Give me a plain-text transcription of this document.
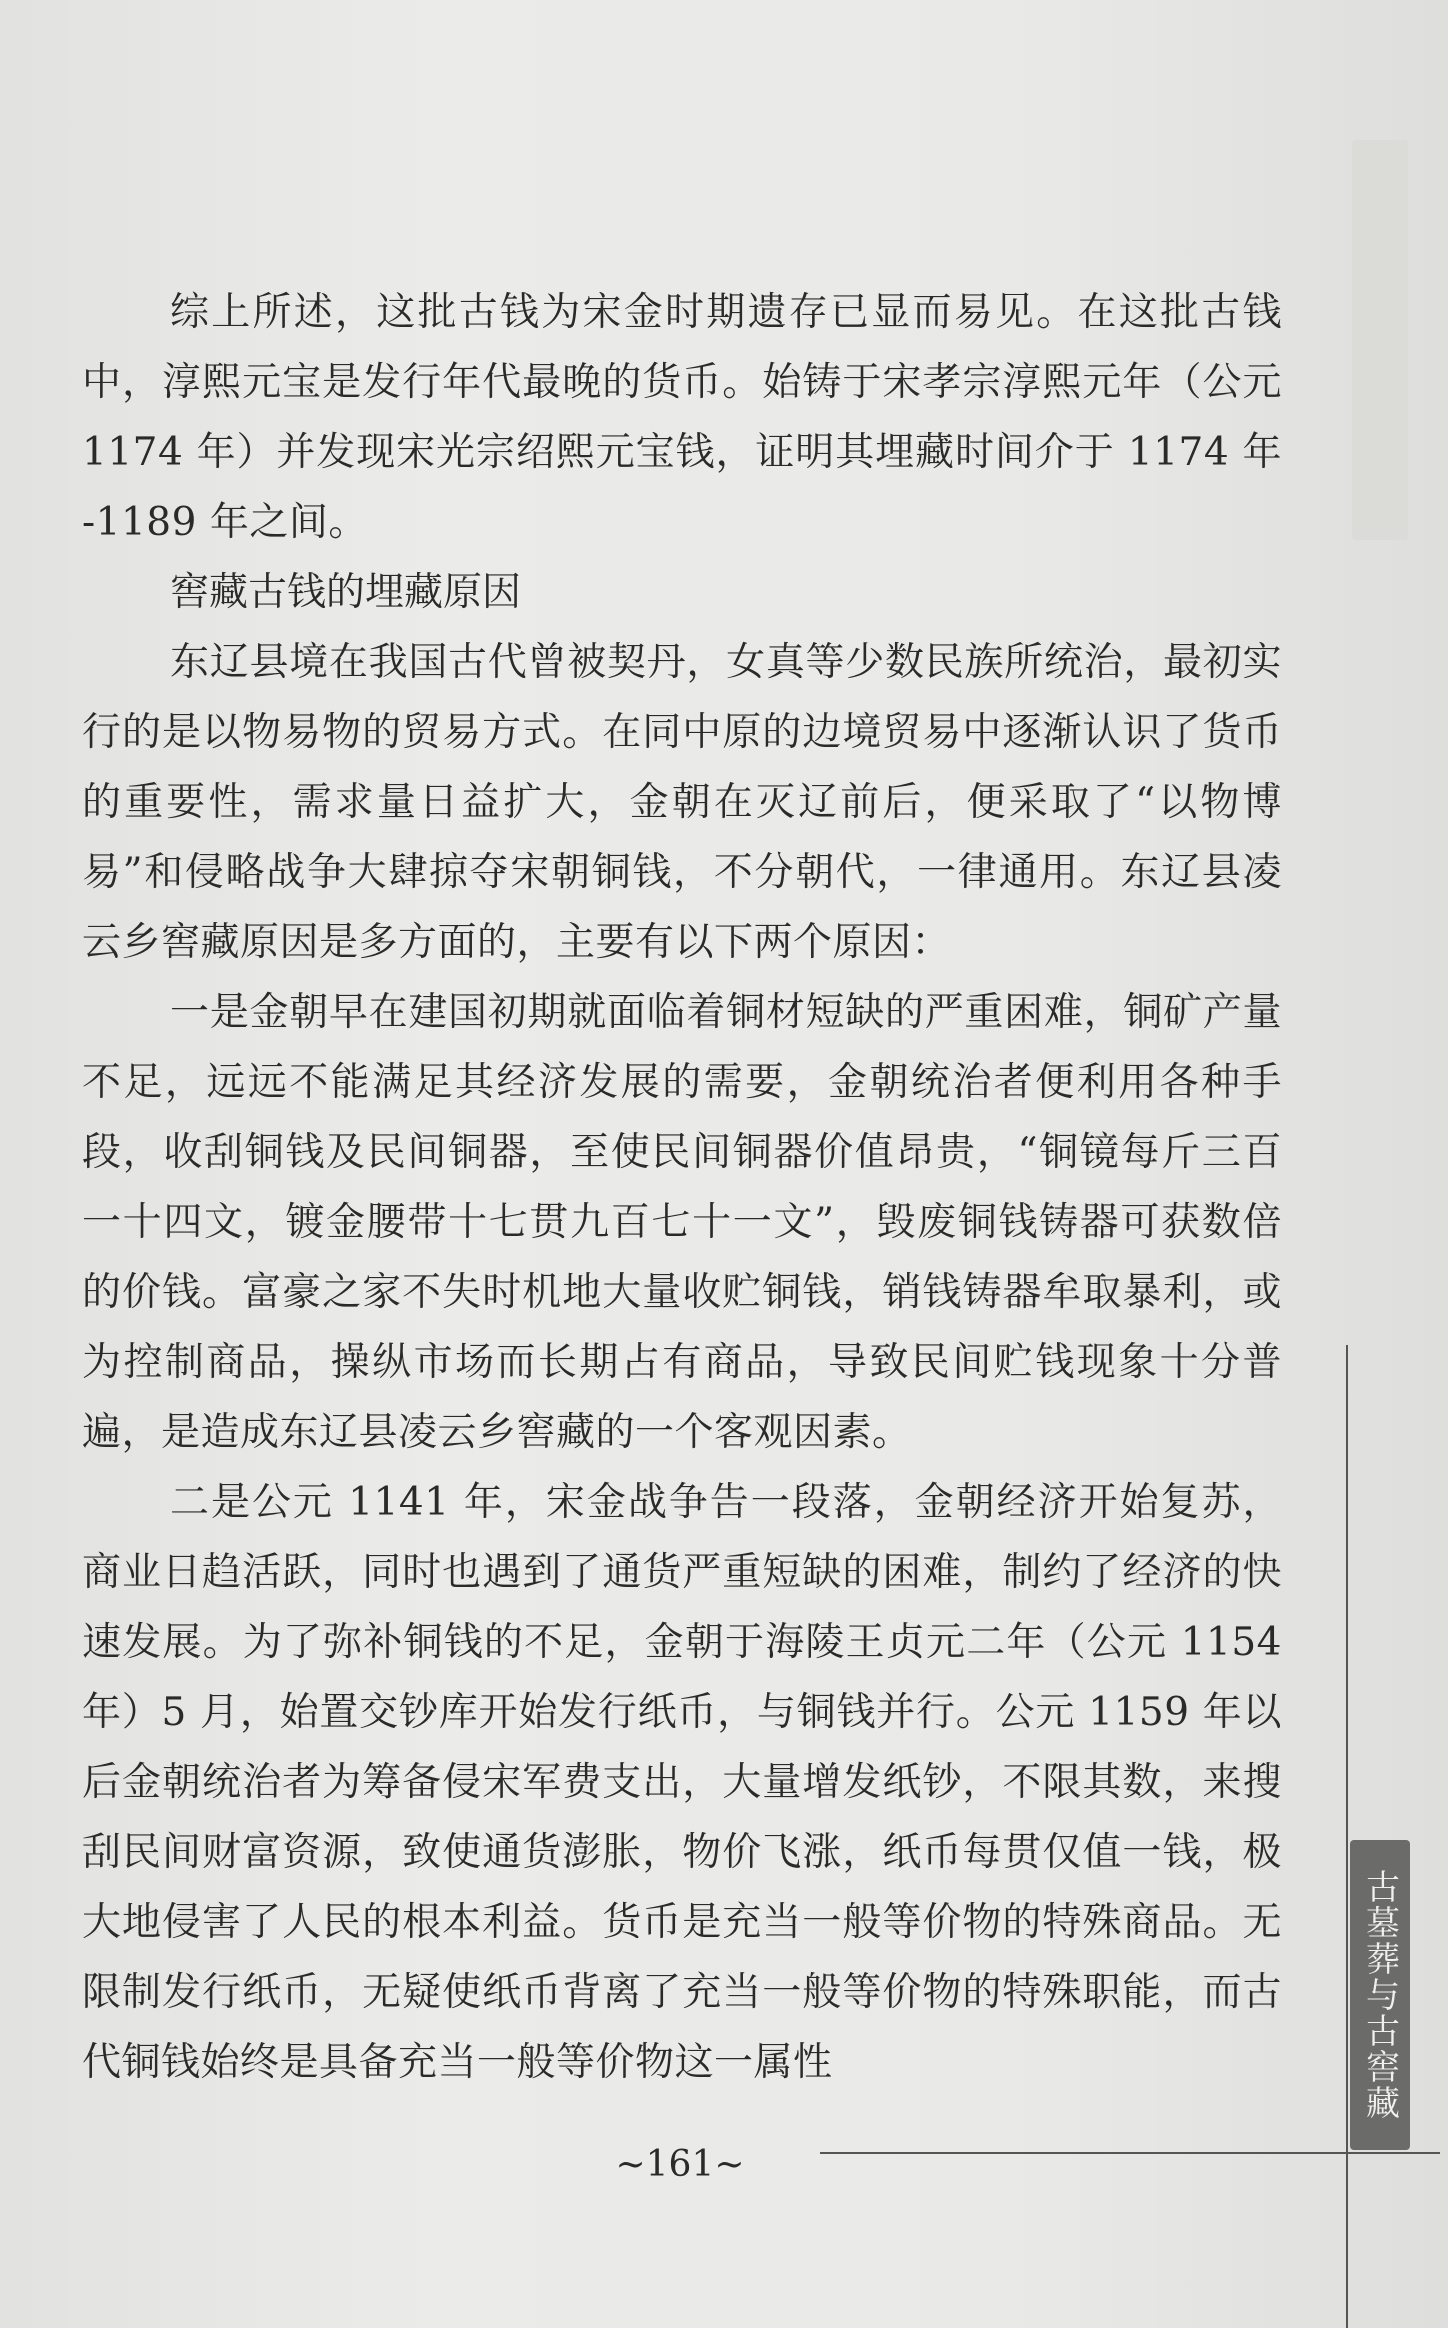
综上所述，这批古钱为宋金时期遗存已显而易见。在这批古钱中，淳熙元宝是发行年代最晚的货币。始铸于宋孝宗淳熙元年（公元 1174 年）并发现宋光宗绍熙元宝钱，证明其埋藏时间介于 1174 年 -1189 年之间。

窖藏古钱的埋藏原因

东辽县境在我国古代曾被契丹，女真等少数民族所统治，最初实行的是以物易物的贸易方式。在同中原的边境贸易中逐渐认识了货币的重要性，需求量日益扩大，金朝在灭辽前后，便采取了“以物博易”和侵略战争大肆掠夺宋朝铜钱，不分朝代，一律通用。东辽县凌云乡窖藏原因是多方面的，主要有以下两个原因：

一是金朝早在建国初期就面临着铜材短缺的严重困难，铜矿产量不足，远远不能满足其经济发展的需要，金朝统治者便利用各种手段，收刮铜钱及民间铜器，至使民间铜器价值昂贵，“铜镜每斤三百一十四文，镀金腰带十七贯九百七十一文”，毁废铜钱铸器可获数倍的价钱。富豪之家不失时机地大量收贮铜钱，销钱铸器牟取暴利，或为控制商品，操纵市场而长期占有商品，导致民间贮钱现象十分普遍，是造成东辽县凌云乡窖藏的一个客观因素。

二是公元 1141 年，宋金战争告一段落，金朝经济开始复苏，商业日趋活跃，同时也遇到了通货严重短缺的困难，制约了经济的快速发展。为了弥补铜钱的不足，金朝于海陵王贞元二年（公元 1154 年）5 月，始置交钞库开始发行纸币，与铜钱并行。公元 1159 年以后金朝统治者为筹备侵宋军费支出，大量增发纸钞，不限其数，来搜刮民间财富资源，致使通货澎胀，物价飞涨，纸币每贯仅值一钱，极大地侵害了人民的根本利益。货币是充当一般等价物的特殊商品。无限制发行纸币，无疑使纸币背离了充当一般等价物的特殊职能，而古代铜钱始终是具备充当一般等价物这一属性	古墓葬与古窖藏
~161~
